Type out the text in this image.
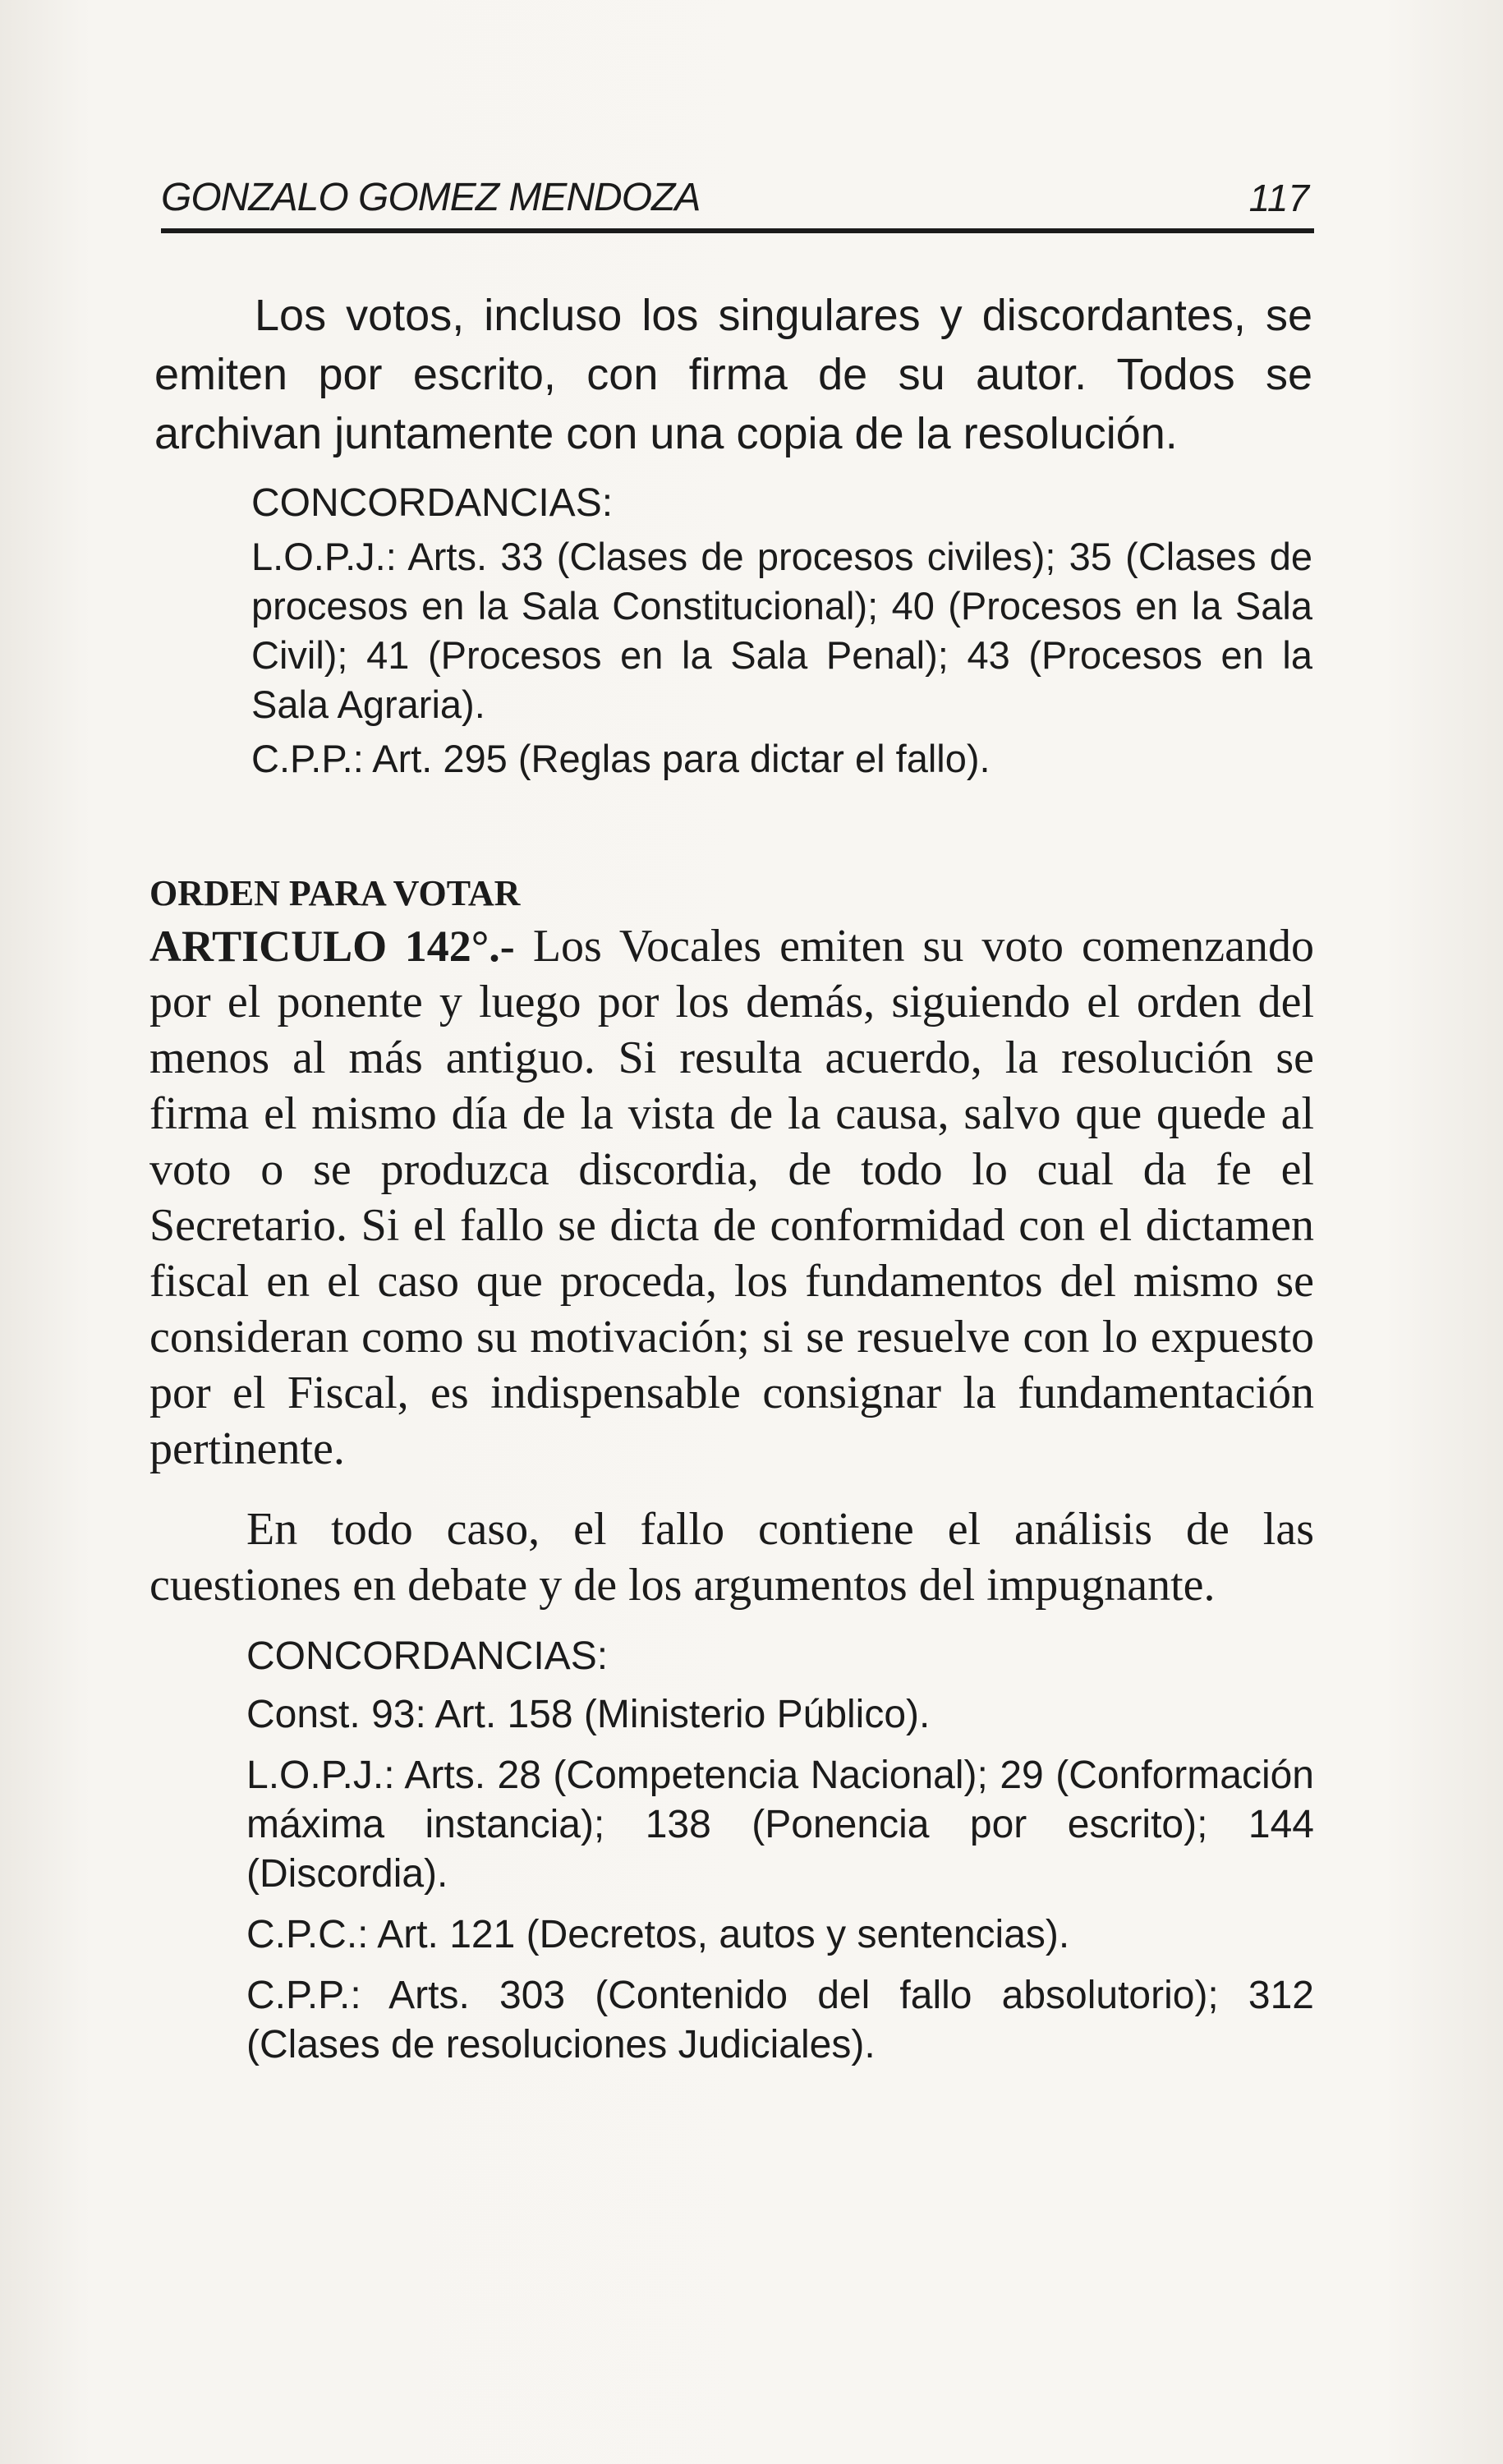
GONZALO GOMEZ MENDOZA	117

Los votos, incluso los singulares y discordantes, se emiten por escrito, con firma de su autor. Todos se archivan juntamente con una copia de la resolución.

CONCORDANCIAS:

L.O.P.J.: Arts. 33 (Clases de procesos civiles); 35 (Clases de procesos en la Sala Constitucional); 40 (Procesos en la Sala Civil); 41 (Procesos en la Sala Penal); 43 (Procesos en la Sala Agraria).

C.P.P.: Art. 295 (Reglas para dictar el fallo).

ORDEN PARA VOTAR

ARTICULO 142°.- Los Vocales emiten su voto comenzando por el ponente y luego por los demás, siguiendo el orden del menos al más antiguo. Si resulta acuerdo, la resolución se firma el mismo día de la vista de la causa, salvo que quede al voto o se produzca discordia, de todo lo cual da fe el Secretario. Si el fallo se dicta de conformidad con el dictamen fiscal en el caso que proceda, los fundamentos del mismo se consideran como su motivación; si se resuelve con lo expuesto por el Fiscal, es indispensable consignar la fundamentación pertinente.

En todo caso, el fallo contiene el análisis de las cuestiones en debate y de los argumentos del impugnante.

CONCORDANCIAS:

Const. 93: Art. 158 (Ministerio Público).

L.O.P.J.: Arts. 28 (Competencia Nacional); 29 (Conformación máxima instancia); 138 (Ponencia por escrito); 144 (Discordia).

C.P.C.: Art. 121 (Decretos, autos y sentencias).

C.P.P.: Arts. 303 (Contenido del fallo absolutorio); 312 (Clases de resoluciones Judiciales).
